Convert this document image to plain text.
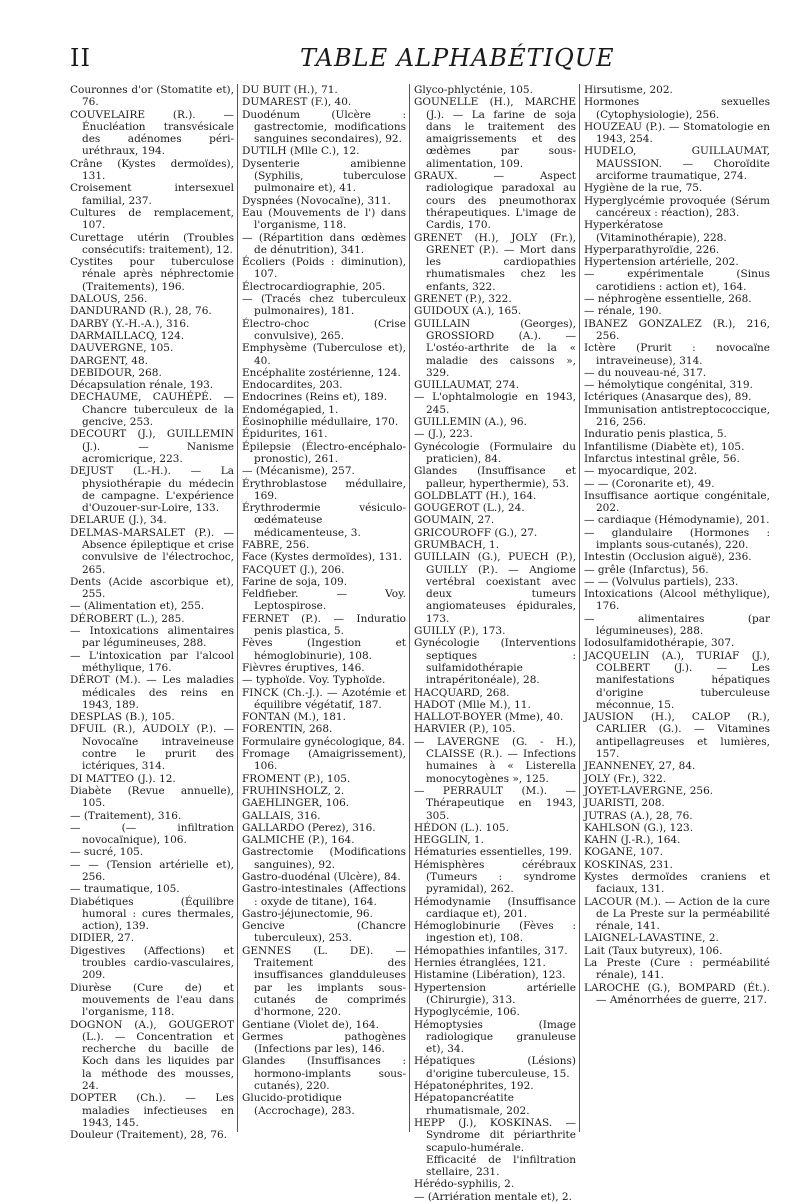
II	TABLE ALPHABÉTIQUE

Couronnes d'or (Stomatite et), 76.

COUVELAIRE (R.). — Énucléation transvésicale des adénomes péri-uréthraux, 194.

Crâne (Kystes dermoïdes), 131.

Croisement intersexuel familial, 237.

Cultures de remplacement, 107.

Curettage utérin (Troubles consécutifs: traitement), 12.

Cystites pour tuberculose rénale après néphrectomie (Traitements), 196.

DALOUS, 256.

DANDURAND (R.), 28, 76.

DARBY (Y.-H.-A.), 316.

DARMAILLACQ, 124.

DAUVERGNE, 105.

DARGENT, 48.

DEBIDOUR, 268.

Décapsulation rénale, 193.

DECHAUME, CAUHÉPÉ. — Chancre tuberculeux de la gencive, 253.

DECOURT (J.), GUILLEMIN (J.). — Nanisme acromicrique, 223.

DEJUST (L.-H.). — La physiothérapie du médecin de campagne. L'expérience d'Ouzouer-sur-Loire, 133.

DELARUE (J.), 34.

DELMAS-MARSALET (P.). — Absence épileptique et crise convulsive de l'électrochoc, 265.

Dents (Acide ascorbique et), 255.

— (Alimentation et), 255.

DÉROBERT (L.), 285.

— Intoxications alimentaires par légumineuses, 288.

— L'intoxication par l'alcool méthylique, 176.

DÉROT (M.). — Les maladies médicales des reins en 1943, 189.

DESPLAS (B.), 105.

DFUIL (R.), AUDOLY (P.). — Novocaïne intraveineuse contre le prurit des ictériques, 314.

DI MATTEO (J.). 12.

Diabète (Revue annuelle), 105.

— (Traitement), 316.

— (— infiltration novocaïnique), 106.

— sucré, 105.

— — (Tension artérielle et), 256.

— traumatique, 105.

Diabétiques (Équilibre humoral : cures thermales, action), 139.

DIDIER, 27.

Digestives (Affections) et troubles cardio-vasculaires, 209.

Diurèse (Cure de) et mouvements de l'eau dans l'organisme, 118.

DOGNON (A.), GOUGEROT (L.). — Concentration et recherche du bacille de Koch dans les liquides par la méthode des mousses, 24.

DOPTER (Ch.). — Les maladies infectieuses en 1943, 145.

Douleur (Traitement), 28, 76.

DU BUIT (H.), 71.

DUMAREST (F.), 40.

Duodénum (Ulcère : gastrectomie, modifications sanguines secondaires), 92.

DUTILH (Mlle C.), 12.

Dysenterie amibienne (Syphilis, tuberculose pulmonaire et), 41.

Dyspnées (Novocaïne), 311.

Eau (Mouvements de l') dans l'organisme, 118.

— (Répartition dans œdèmes de dénutrition), 341.

Écoliers (Poids : diminution), 107.

Électrocardiographie, 205.

— (Tracés chez tuberculeux pulmonaires), 181.

Électro-choc (Crise convulsive), 265.

Emphysème (Tuberculose et), 40.

Encéphalite zostérienne, 124.

Endocardites, 203.

Endocrines (Reins et), 189.

Endomégapied, 1.

Éosinophilie médullaire, 170.

Épidurites, 161.

Épilepsie (Électro-encéphalo-pronostic), 261.

— (Mécanisme), 257.

Érythroblastose médullaire, 169.

Érythrodermie vésiculo-œdémateuse médicamenteuse, 3.

FABRE, 256.

Face (Kystes dermoïdes), 131.

FACQUET (J.), 206.

Farine de soja, 109.

Feldfieber. — Voy. Leptospirose.

FERNET (P.). — Induratio penis plastica, 5.

Fèves (Ingestion et hémoglobinurie), 108.

Fièvres éruptives, 146.

— typhoïde. Voy. Typhoïde.

FINCK (Ch.-J.). — Azotémie et équilibre végétatif, 187.

FONTAN (M.), 181.

FORENTIN, 268.

Formulaire gynécologique, 84.

Fromage (Amaigrissement), 106.

FROMENT (P.), 105.

FRUHINSHOLZ, 2.

GAEHLINGER, 106.

GALLAIS, 316.

GALLARDO (Perez), 316.

GALMICHE (P.), 164.

Gastrectomie (Modifications sanguines), 92.

Gastro-duodénal (Ulcère), 84.

Gastro-intestinales (Affections : oxyde de titane), 164.

Gastro-jéjunectomie, 96.

Gencive (Chancre tuberculeux), 253.

GENNES (L. DE). — Traitement des insuffisances glandduleuses par les implants sous-cutanés de comprimés d'hormone, 220.

Gentiane (Violet de), 164.

Germes pathogènes (Infections par les), 146.

Glandes (Insuffisances : hormono-implants sous-cutanés), 220.

Glucido-protidique (Accrochage), 283.

Glyco-phlycténie, 105.

GOUNELLE (H.), MARCHE (J.). — La farine de soja dans le traitement des amaigrissements et des œdèmes par sous-alimentation, 109.

GRAUX. — Aspect radiologique paradoxal au cours des pneumothorax thérapeutiques. L'image de Cardis, 170.

GRENET (H.), JOLY (Fr.), GRENET (P.). — Mort dans les cardiopathies rhumatismales chez les enfants, 322.

GRENET (P.), 322.

GUIDOUX (A.), 165.

GUILLAIN (Georges), GROSSIORD (A.). — L'ostéo-arthrite de la « maladie des caissons », 329.

GUILLAUMAT, 274.

— L'ophtalmologie en 1943, 245.

GUILLEMIN (A.), 96.

— (J.), 223.

Gynécologie (Formulaire du praticien), 84.

Glandes (Insuffisance et palleur, hyperthermie), 53.

GOLDBLATT (H.), 164.

GOUGEROT (L.), 24.

GOUMAIN, 27.

GRICOUROFF (G.), 27.

GRUMBACH, 1.

GUILLAIN (G.), PUECH (P.), GUILLY (P.). — Angiome vertébral coexistant avec deux tumeurs angiomateuses épidurales, 173.

GUILLY (P.), 173.

Gynécologie (Interventions septiques : sulfamidothérapie intrapéritonéale), 28.

HACQUARD, 268.

HADOT (Mlle M.), 11.

HALLOT-BOYER (Mme), 40.

HARVIER (P.), 105.

— LAVERGNE (G. - H.), CLAISSE (R.). — Infections humaines à « Listerella monocytogènes », 125.

— PERRAULT (M.). — Thérapeutique en 1943, 305.

HÉDON (L.). 105.

HEGGLIN, 1.

Hématuries essentielles, 199.

Hémisphères cérébraux (Tumeurs : syndrome pyramidal), 262.

Hémodynamie (Insuffisance cardiaque et), 201.

Hémoglobinurie (Fèves : ingestion et), 108.

Hémopathies infantiles, 317.

Hernies étranglées, 121.

Histamine (Libération), 123.

Hypertension artérielle (Chirurgie), 313.

Hypoglycémie, 106.

Hémoptysies (Image radiologique granuleuse et), 34.

Hépatiques (Lésions) d'origine tuberculeuse, 15.

Hépatonéphrites, 192.

Hépatopancréatite rhumatismale, 202.

HEPP (J.), KOSKINAS. — Syndrome dit périarthrite scapulo-humérale. Efficacité de l'infiltration stellaire, 231.

Hérédo-syphilis, 2.

— (Arriération mentale et), 2.

Hirsutisme, 202.

Hormones sexuelles (Cytophysiologie), 256.

HOUZEAU (P.). — Stomatologie en 1943, 254.

HUDELO, GUILLAUMAT, MAUSSION. — Choroïdite arciforme traumatique, 274.

Hygiène de la rue, 75.

Hyperglycémie provoquée (Sérum cancéreux : réaction), 283.

Hyperkératose (Vitaminothérapie), 228.

Hyperparathyroïdie, 226.

Hypertension artérielle, 202.

— expérimentale (Sinus carotidiens : action et), 164.

— néphrogène essentielle, 268.

— rénale, 190.

IBANEZ GONZALEZ (R.), 216, 256.

Ictère (Prurit : novocaïne intraveineuse), 314.

— du nouveau-né, 317.

— hémolytique congénital, 319.

Ictériques (Anasarque des), 89.

Immunisation antistreptococcique, 216, 256.

Induratio penis plastica, 5.

Infantilisme (Diabète et), 105.

Infarctus intestinal grêle, 56.

— myocardique, 202.

— — (Coronarite et), 49.

Insuffisance aortique congénitale, 202.

— cardiaque (Hémodynamie), 201.

— glandulaire (Hormones : implants sous-cutanés), 220.

Intestin (Occlusion aiguë), 236.

— grêle (Infarctus), 56.

— — (Volvulus partiels), 233.

Intoxications (Alcool méthylique), 176.

— alimentaires (par légumineuses), 288.

Iodosulfamidothérapie, 307.

JACQUELIN (A.), TURIAF (J.), COLBERT (J.). — Les manifestations hépatiques d'origine tuberculeuse méconnue, 15.

JAUSION (H.), CALOP (R.), CARLIER (G.). — Vitamines antipellagreuses et lumières, 157.

JEANNENEY, 27, 84.

JOLY (Fr.), 322.

JOYET-LAVERGNE, 256.

JUARISTI, 208.

JUTRAS (A.), 28, 76.

KAHLSON (G.), 123.

KAHN (J.-R.), 164.

KOGANE, 107.

KOSKINAS, 231.

Kystes dermoïdes craniens et faciaux, 131.

LACOUR (M.). — Action de la cure de La Preste sur la perméabilité rénale, 141.

LAIGNEL-LAVASTINE, 2.

Lait (Taux butyreux), 106.

La Preste (Cure : perméabilité rénale), 141.

LAROCHE (G.), BOMPARD (Ét.). — Aménorrhées de guerre, 217.
